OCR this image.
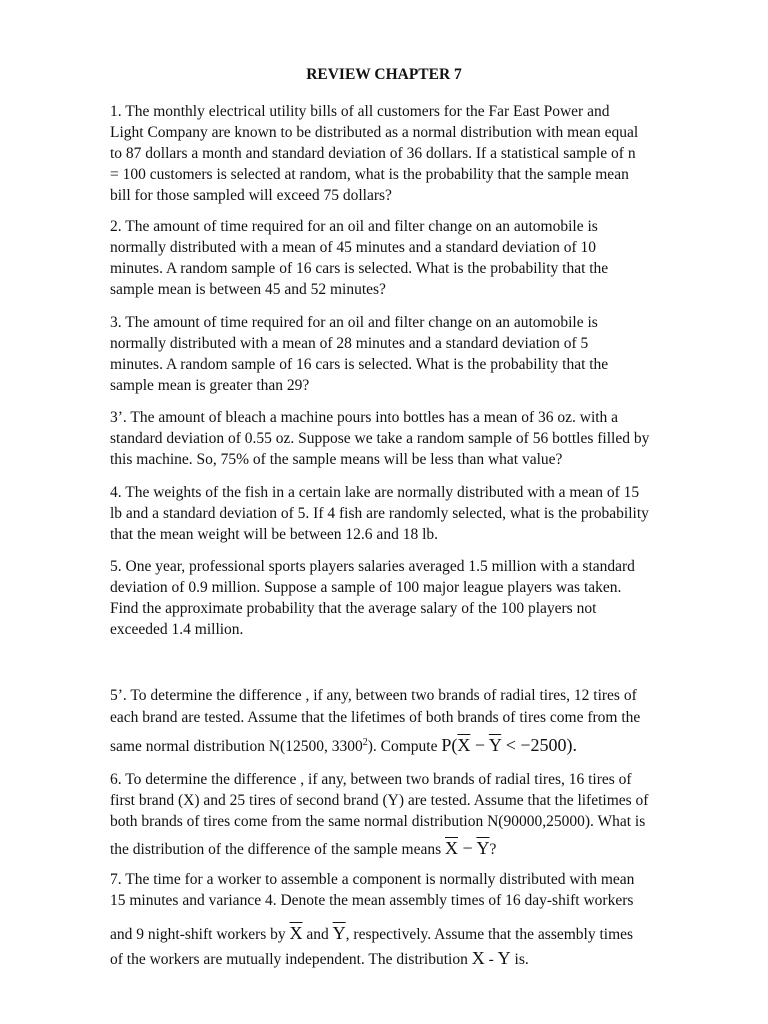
REVIEW CHAPTER 7
1. The monthly electrical utility bills of all customers for the Far East Power and
Light Company are known to be distributed as a normal distribution with mean equal
to 87 dollars a month and standard deviation of 36 dollars. If a statistical sample of n
= 100 customers is selected at random, what is the probability that the sample mean
bill for those sampled will exceed 75 dollars?
2. The amount of time required for an oil and filter change on an automobile is
normally distributed with a mean of 45 minutes and a standard deviation of 10
minutes. A random sample of 16 cars is selected. What is the probability that the
sample mean is between 45 and 52 minutes?
3. The amount of time required for an oil and filter change on an automobile is
normally distributed with a mean of 28 minutes and a standard deviation of 5
minutes. A random sample of 16 cars is selected. What is the probability that the
sample mean is greater than 29?
3’. The amount of bleach a machine pours into bottles has a mean of 36 oz. with a
standard deviation of 0.55 oz. Suppose we take a random sample of 56 bottles filled by
this machine. So, 75% of the sample means will be less than what value?
4. The weights of the fish in a certain lake are normally distributed with a mean of 15
lb and a standard deviation of 5. If 4 fish are randomly selected, what is the probability
that the mean weight will be between 12.6 and 18 lb.
5. One year, professional sports players salaries averaged 1.5 million with a standard
deviation of 0.9 million. Suppose a sample of 100 major league players was taken.
Find the approximate probability that the average salary of the 100 players not
exceeded 1.4 million.
5’. To determine the difference , if any, between two brands of radial tires, 12 tires of
each brand are tested. Assume that the lifetimes of both brands of tires come from the
same normal distribution N(12500, 3300$^2$). Compute $P(\overline{X} - \overline{Y} < -2500)$.
6. To determine the difference , if any, between two brands of radial tires, 16 tires of
first brand (X) and 25 tires of second brand (Y) are tested. Assume that the lifetimes of
both brands of tires come from the same normal distribution N(90000,25000). What is
the distribution of the difference of the sample means $\overline{X} - \overline{Y}$?
7. The time for a worker to assemble a component is normally distributed with mean
15 minutes and variance 4. Denote the mean assembly times of 16 day-shift workers
and 9 night-shift workers by $\overline{X}$ and $\overline{Y}$, respectively. Assume that the assembly times
of the workers are mutually independent. The distribution X - Y is.
